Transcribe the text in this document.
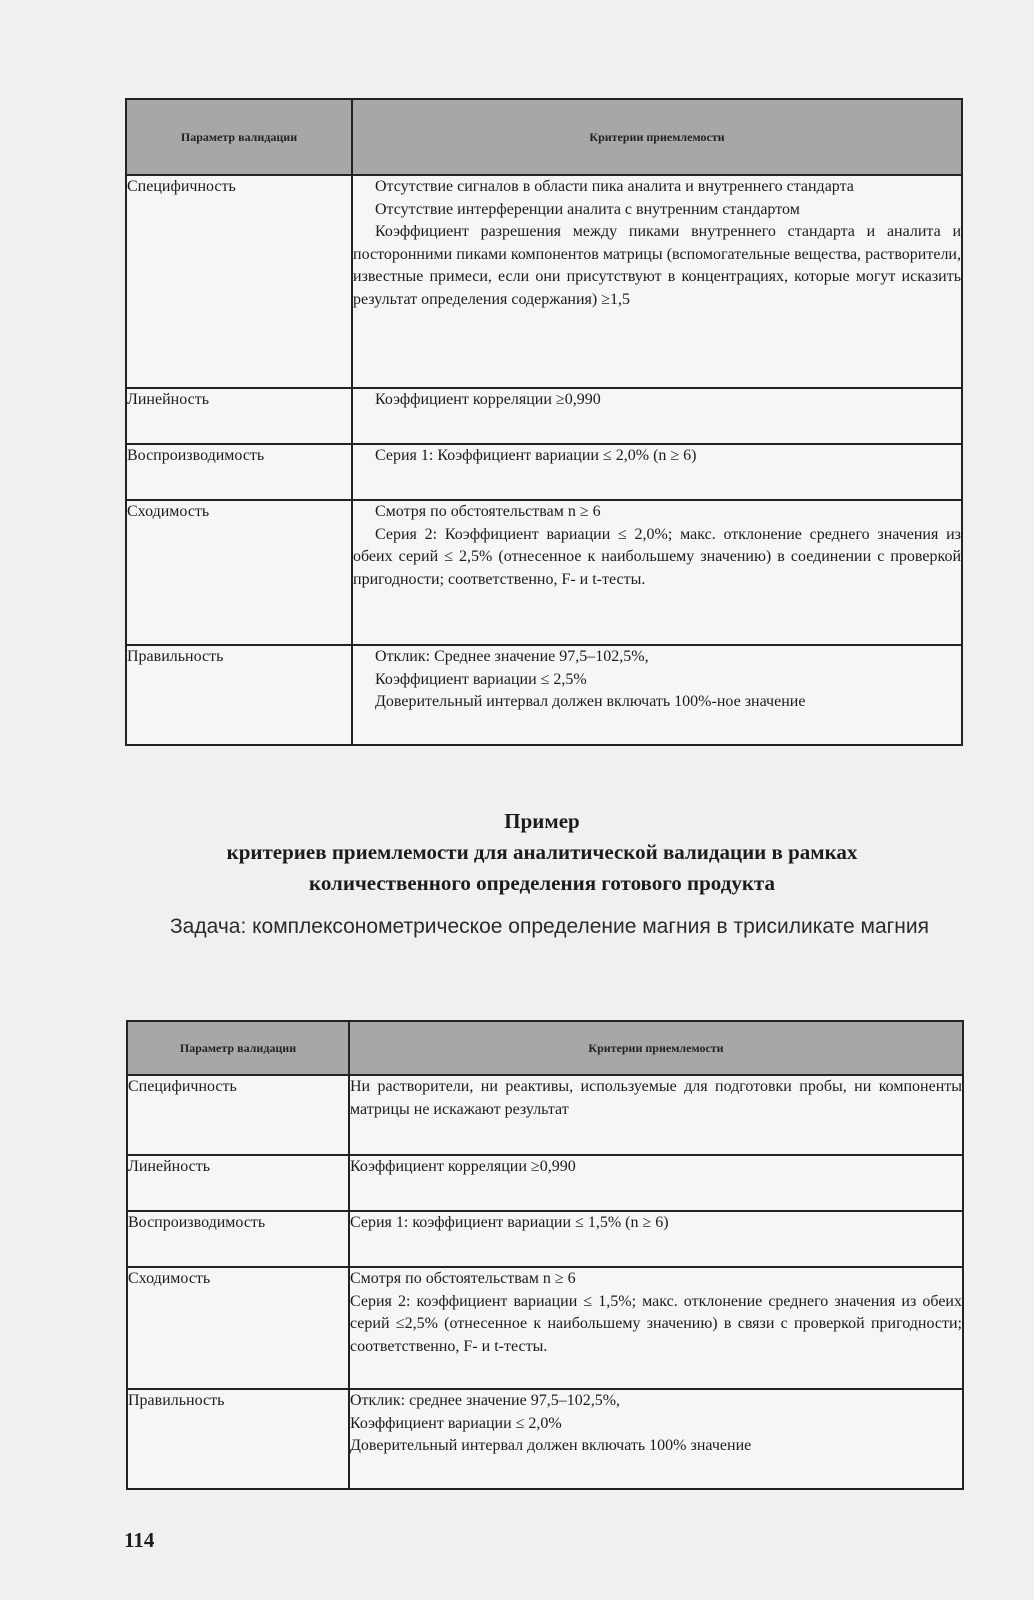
Параметр валидации	Критерии приемлемости
Специфичность	Отсутствие сигналов в области пика аналита и внутреннего стандарта

Отсутствие интерференции аналита с внутренним стандартом

Коэффициент разрешения между пиками внутреннего стандарта и аналита и посторонними пиками компонентов матрицы (вспомогательные вещества, растворители, известные примеси, если они присутствуют в концентрациях, которые могут исказить результат определения содержания) ≥1,5

Линейность	Коэффициент корреляции ≥0,990

Воспроизводимость	Серия 1: Коэффициент вариации ≤ 2,0% (n ≥ 6)

Сходимость	Смотря по обстоятельствам n ≥ 6

Серия 2: Коэффициент вариации ≤ 2,0%; макс. отклонение среднего значения из обеих серий ≤ 2,5% (отнесенное к наибольшему значению) в соединении с проверкой пригодности; соответственно, F- и t-тесты.

Правильность	Отклик: Среднее значение 97,5–102,5%,

Коэффициент вариации ≤ 2,5%

Доверительный интервал должен включать 100%-ное значение

Пример
критериев приемлемости для аналитической валидации в рамках
количественного определения готового продукта
Задача: комплексонометрическое определение магния в трисиликате магния
Параметр валидации	Критерии приемлемости
Специфичность	Ни растворители, ни реактивы, используемые для подготовки пробы, ни компоненты матрицы не искажают результат

Линейность	Коэффициент корреляции ≥0,990

Воспроизводимость	Серия 1: коэффициент вариации ≤ 1,5% (n ≥ 6)

Сходимость	Смотря по обстоятельствам n ≥ 6

Серия 2: коэффициент вариации ≤ 1,5%; макс. отклонение среднего значения из обеих серий ≤2,5% (отнесенное к наибольшему значению) в связи с проверкой пригодности; соответственно, F- и t-тесты.

Правильность	Отклик: среднее значение 97,5–102,5%,

Коэффициент вариации ≤ 2,0%

Доверительный интервал должен включать 100% значение

114
